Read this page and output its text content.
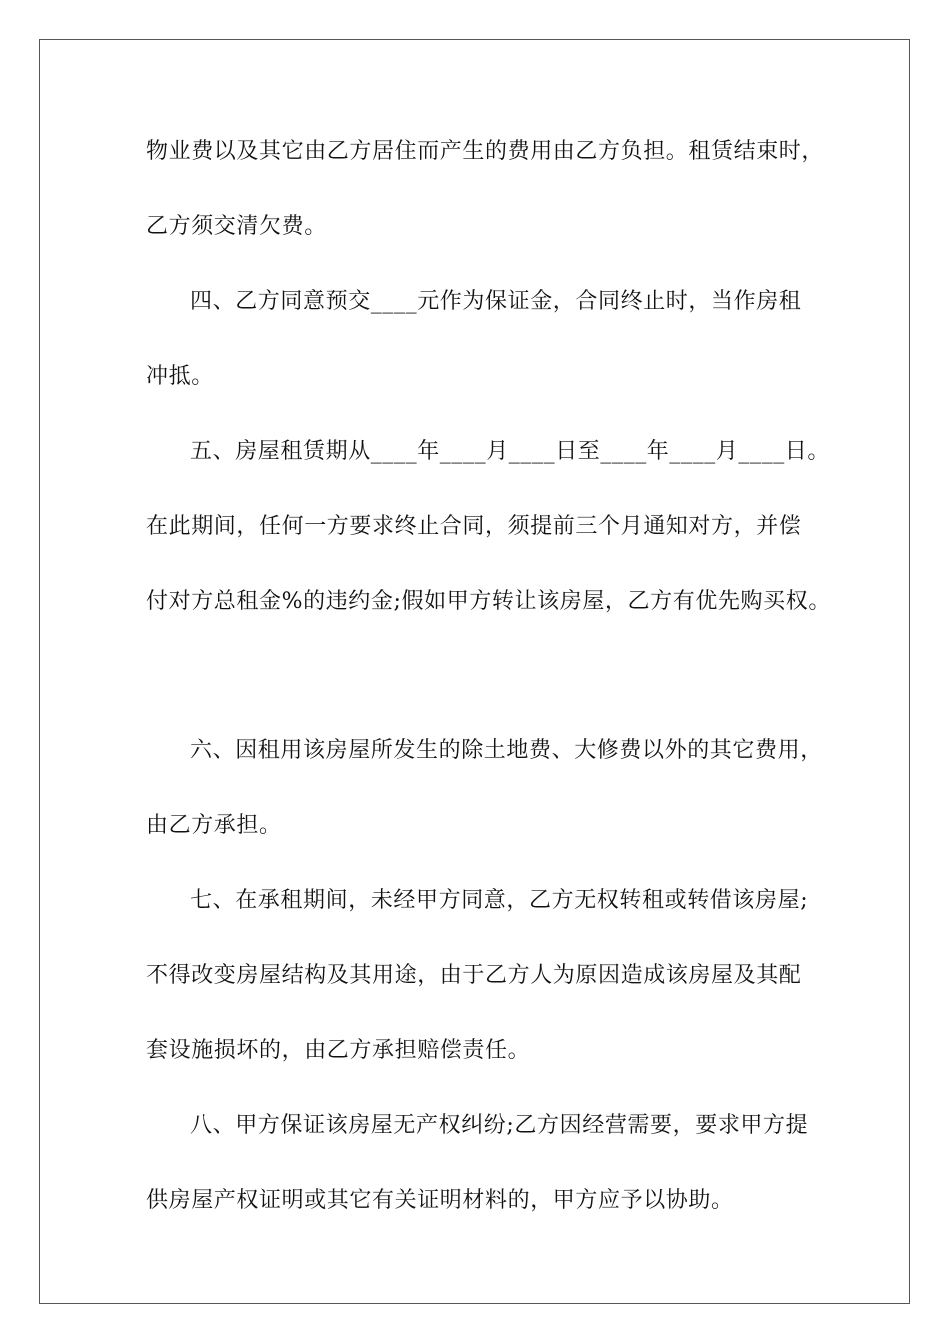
物业费以及其它由乙方居住而产生的费用由乙方负担。租赁结束时，
乙方须交清欠费。
四、乙方同意预交____元作为保证金，合同终止时，当作房租
冲抵。
五、房屋租赁期从____年____月____日至____年____月____日。
在此期间，任何一方要求终止合同，须提前三个月通知对方，并偿
付对方总租金%的违约金;假如甲方转让该房屋，乙方有优先购买权。
六、因租用该房屋所发生的除土地费、大修费以外的其它费用，
由乙方承担。
七、在承租期间，未经甲方同意，乙方无权转租或转借该房屋;
不得改变房屋结构及其用途，由于乙方人为原因造成该房屋及其配
套设施损坏的，由乙方承担赔偿责任。
八、甲方保证该房屋无产权纠纷;乙方因经营需要，要求甲方提
供房屋产权证明或其它有关证明材料的，甲方应予以协助。
